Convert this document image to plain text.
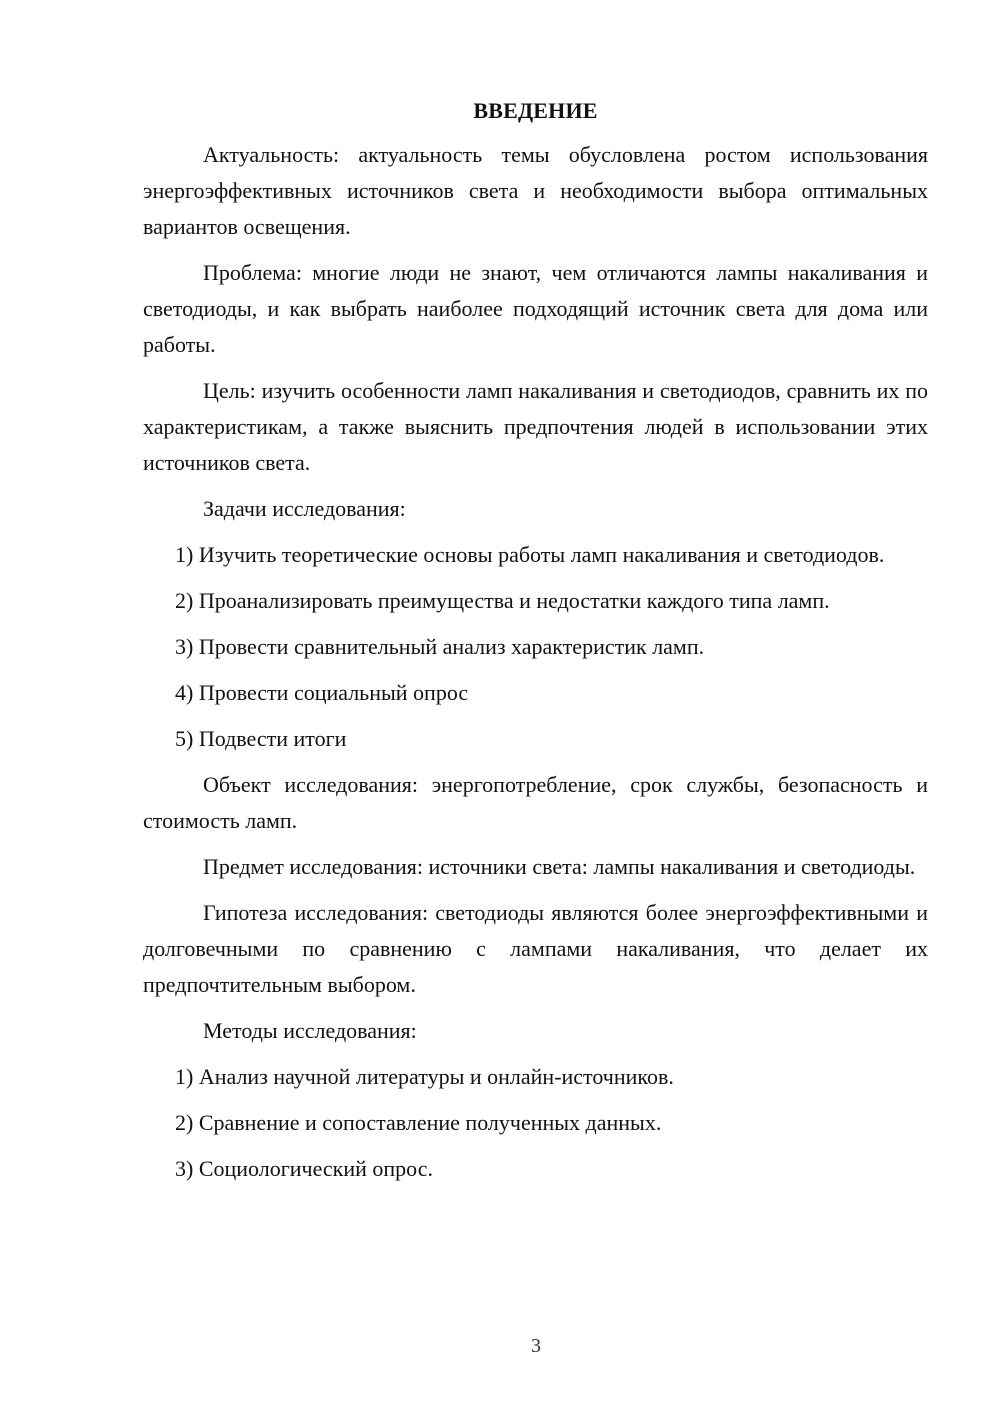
ВВЕДЕНИЕ

Актуальность: актуальность темы обусловлена ростом использования энергоэффективных источников света и необходимости выбора оптимальных вариантов освещения.

Проблема: многие люди не знают, чем отличаются лампы накаливания и светодиоды, и как выбрать наиболее подходящий источник света для дома или работы.

Цель: изучить особенности ламп накаливания и светодиодов, сравнить их по характеристикам, а также выяснить предпочтения людей в использовании этих источников света.

Задачи исследования:

1) Изучить теоретические основы работы ламп накаливания и светодиодов.

2) Проанализировать преимущества и недостатки каждого типа ламп.

3) Провести сравнительный анализ характеристик ламп.

4) Провести социальный опрос

5) Подвести итоги

Объект исследования: энергопотребление, срок службы, безопасность и стоимость ламп.

Предмет исследования: источники света: лампы накаливания и светодиоды.

Гипотеза исследования: светодиоды являются более энергоэффективными и долговечными по сравнению с лампами накаливания, что делает их предпочтительным выбором.

Методы исследования:

1) Анализ научной литературы и онлайн-источников.

2) Сравнение и сопоставление полученных данных.

3) Социологический опрос.

3
